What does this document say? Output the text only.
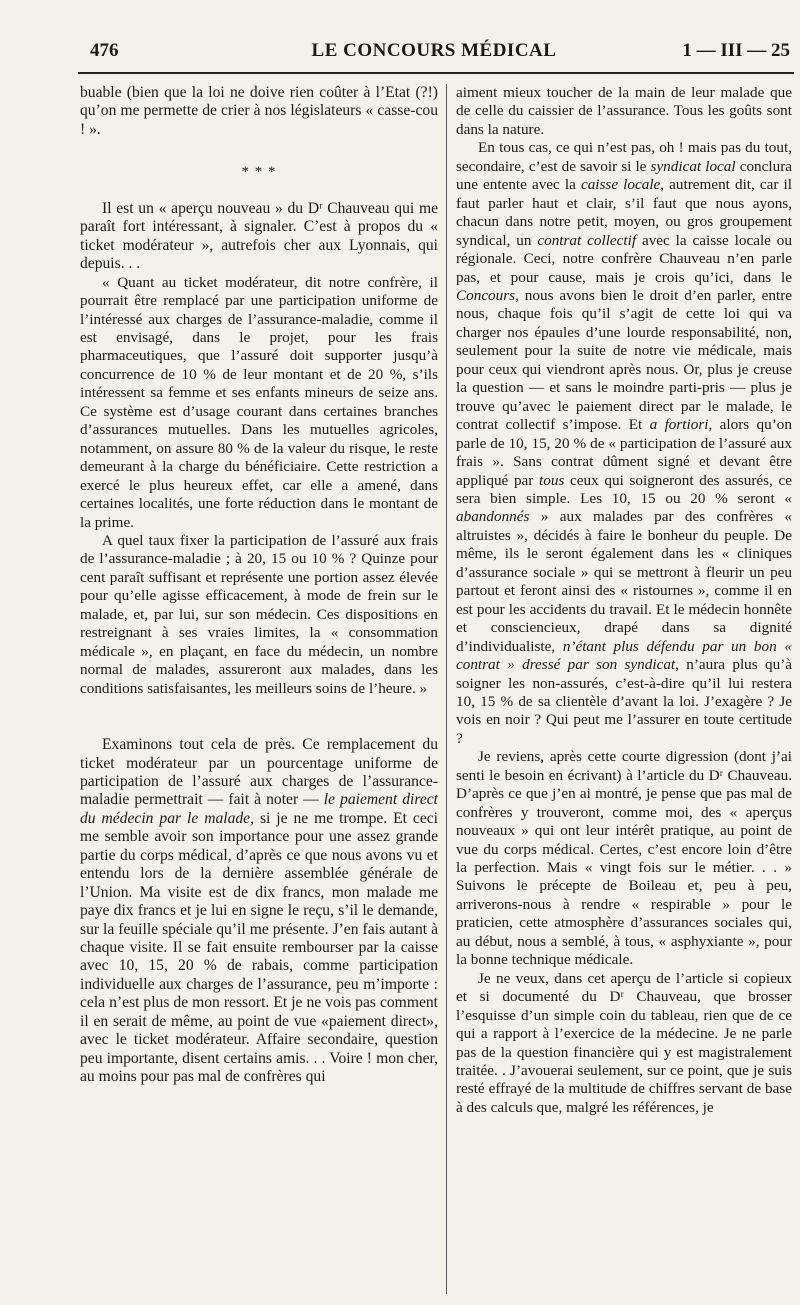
476	LE CONCOURS MÉDICAL	1 — III — 25

buable (bien que la loi ne doive rien coûter à l’Etat (?!) qu’on me permette de crier à nos législateurs « casse-cou ! ».

* * *

Il est un « aperçu nouveau » du Dʳ Chauveau qui me paraît fort intéressant, à signaler. C’est à propos du « ticket modérateur », autrefois cher aux Lyonnais, qui depuis. . .

« Quant au ticket modérateur, dit notre confrère, il pourrait être remplacé par une participation uniforme de l’intéressé aux charges de l’assurance-maladie, comme il est envisagé, dans le projet, pour les frais pharmaceutiques, que l’assuré doit supporter jusqu’à concurrence de 10 % de leur montant et de 20 %, s’ils intéressent sa femme et ses enfants mineurs de seize ans. Ce système est d’usage courant dans certaines branches d’assurances mutuelles. Dans les mutuelles agricoles, notamment, on assure 80 % de la valeur du risque, le reste demeurant à la charge du bénéficiaire. Cette restriction a exercé le plus heureux effet, car elle a amené, dans certaines localités, une forte réduction dans le montant de la prime.

A quel taux fixer la participation de l’assuré aux frais de l’assurance-maladie ; à 20, 15 ou 10 % ? Quinze pour cent paraît suffisant et représente une portion assez élevée pour qu’elle agisse efficacement, à mode de frein sur le malade, et, par lui, sur son médecin. Ces dispositions en restreignant à ses vraies limites, la « consommation médicale », en plaçant, en face du médecin, un nombre normal de malades, assureront aux malades, dans les conditions satisfaisantes, les meilleurs soins de l’heure. »

Examinons tout cela de près. Ce remplacement du ticket modérateur par un pourcentage uniforme de participation de l’assuré aux charges de l’assurance-maladie permettrait — fait à noter — le paiement direct du médecin par le malade, si je ne me trompe. Et ceci me semble avoir son importance pour une assez grande partie du corps médical, d’après ce que nous avons vu et entendu lors de la dernière assemblée générale de l’Union. Ma visite est de dix francs, mon malade me paye dix francs et je lui en signe le reçu, s’il le demande, sur la feuille spéciale qu’il me présente. J’en fais autant à chaque visite. Il se fait ensuite rembourser par la caisse avec 10, 15, 20 % de rabais, comme participation individuelle aux charges de l’assurance, peu m’importe : cela n’est plus de mon ressort. Et je ne vois pas comment il en serait de même, au point de vue «paiement direct», avec le ticket modérateur. Affaire secondaire, question peu importante, disent certains amis. . . Voire ! mon cher, au moins pour pas mal de confrères qui

aiment mieux toucher de la main de leur malade que de celle du caissier de l’assurance. Tous les goûts sont dans la nature.

En tous cas, ce qui n’est pas, oh ! mais pas du tout, secondaire, c’est de savoir si le syndicat local conclura une entente avec la caisse locale, autrement dit, car il faut parler haut et clair, s’il faut que nous ayons, chacun dans notre petit, moyen, ou gros groupement syndical, un contrat collectif avec la caisse locale ou régionale. Ceci, notre confrère Chauveau n’en parle pas, et pour cause, mais je crois qu’ici, dans le Concours, nous avons bien le droit d’en parler, entre nous, chaque fois qu’il s’agit de cette loi qui va charger nos épaules d’une lourde responsabilité, non, seulement pour la suite de notre vie médicale, mais pour ceux qui viendront après nous. Or, plus je creuse la question — et sans le moindre parti-pris — plus je trouve qu’avec le paiement direct par le malade, le contrat collectif s’impose. Et a fortiori, alors qu’on parle de 10, 15, 20 % de « participation de l’assuré aux frais ». Sans contrat dûment signé et devant être appliqué par tous ceux qui soigneront des assurés, ce sera bien simple. Les 10, 15 ou 20 % seront « abandonnés » aux malades par des confrères « altruistes », décidés à faire le bonheur du peuple. De même, ils le seront également dans les « cliniques d’assurance sociale » qui se mettront à fleurir un peu partout et feront ainsi des « ristournes », comme il en est pour les accidents du travail. Et le médecin honnête et consciencieux, drapé dans sa dignité d’individualiste, n’étant plus défendu par un bon « contrat » dressé par son syndicat, n’aura plus qu’à soigner les non-assurés, c’est-à-dire qu’il lui restera 10, 15 % de sa clientèle d’avant la loi. J’exagère ? Je vois en noir ? Qui peut me l’assurer en toute certitude ?

Je reviens, après cette courte digression (dont j’ai senti le besoin en écrivant) à l’article du Dʳ Chauveau. D’après ce que j’en ai montré, je pense que pas mal de confrères y trouveront, comme moi, des « aperçus nouveaux » qui ont leur intérêt pratique, au point de vue du corps médical. Certes, c’est encore loin d’être la perfection. Mais « vingt fois sur le métier. . . » Suivons le précepte de Boileau et, peu à peu, arriverons-nous à rendre « respirable » pour le praticien, cette atmosphère d’assurances sociales qui, au début, nous a semblé, à tous, « asphyxiante », pour la bonne technique médicale.

Je ne veux, dans cet aperçu de l’article si copieux et si documenté du Dʳ Chauveau, que brosser l’esquisse d’un simple coin du tableau, rien que de ce qui a rapport à l’exercice de la médecine. Je ne parle pas de la question financière qui y est magistralement traitée. . J’avouerai seulement, sur ce point, que je suis resté effrayé de la multitude de chiffres servant de base à des calculs que, malgré les références, je
